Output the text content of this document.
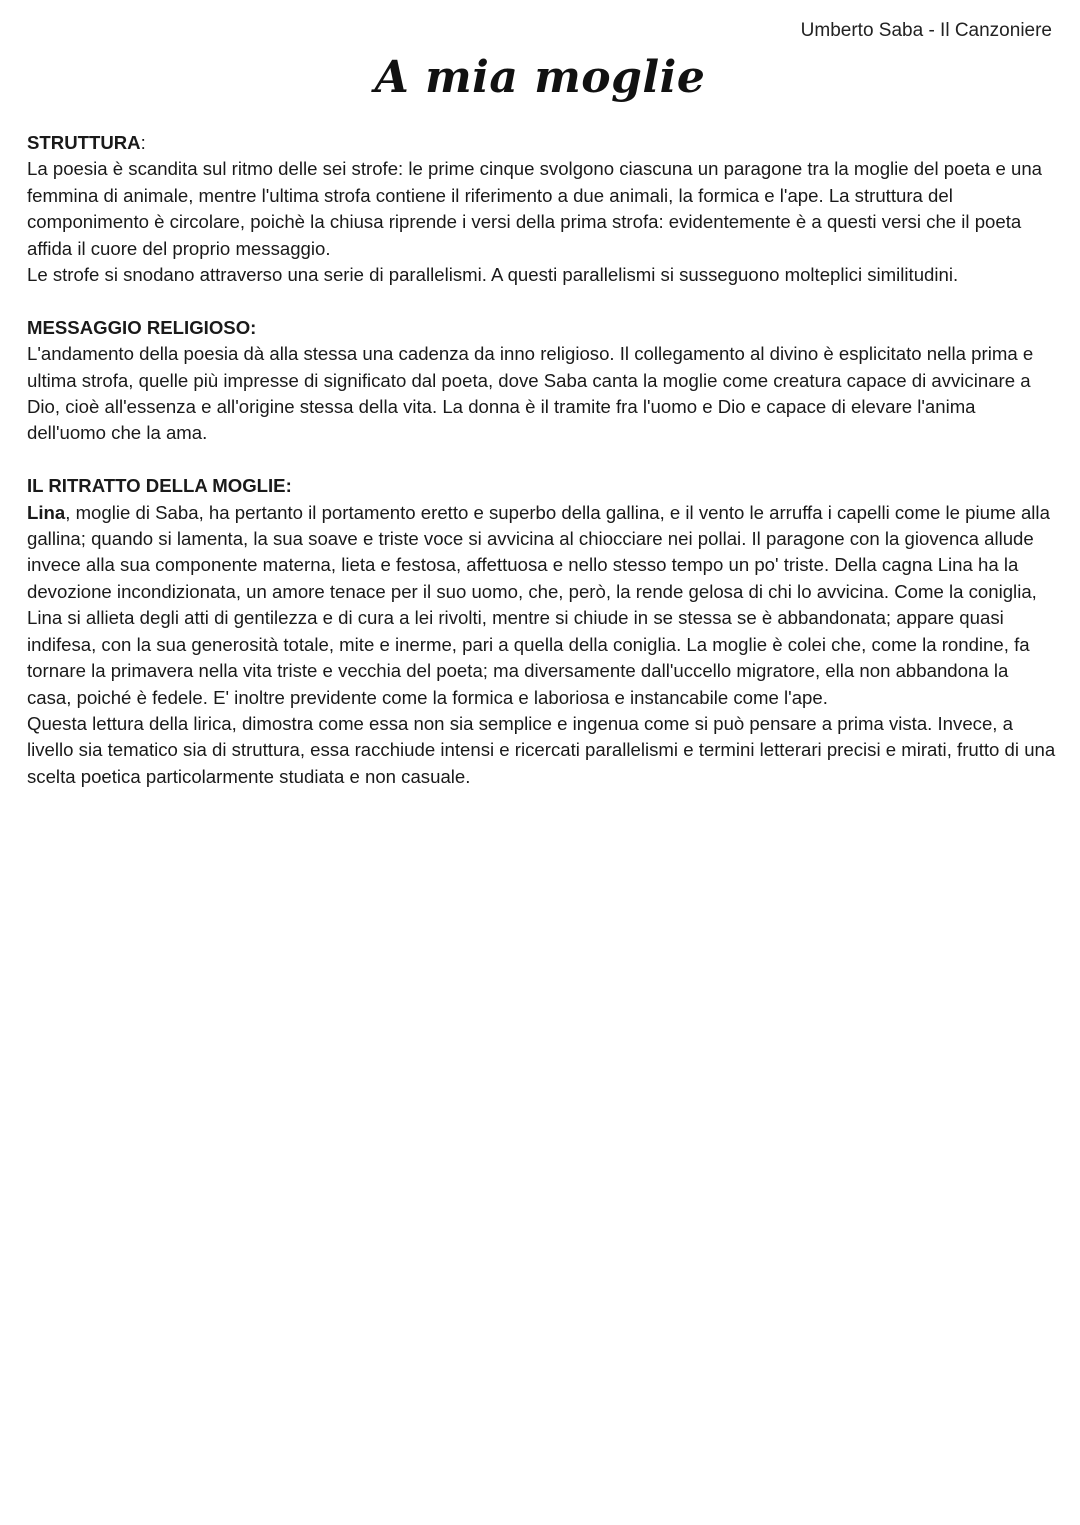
Umberto Saba - Il Canzoniere
A mia moglie

STRUTTURA:

La poesia è scandita sul ritmo delle sei strofe: le prime cinque svolgono ciascuna un paragone tra la moglie del poeta e una femmina di animale, mentre l'ultima strofa contiene il riferimento a due animali, la formica e l'ape. La struttura del componimento è circolare, poichè la chiusa riprende i versi della prima strofa: evidentemente è a questi versi che il poeta affida il cuore del proprio messaggio.

Le strofe si snodano attraverso una serie di parallelismi. A questi parallelismi si susseguono molteplici similitudini.

MESSAGGIO RELIGIOSO:

L'andamento della poesia dà alla stessa una cadenza da inno religioso. Il collegamento al divino è esplicitato nella prima e ultima strofa, quelle più impresse di significato dal poeta, dove Saba canta la moglie come creatura capace di avvicinare a Dio, cioè all'essenza e all'origine stessa della vita. La donna è il tramite fra l'uomo e Dio e capace di elevare l'anima dell'uomo che la ama.

IL RITRATTO DELLA MOGLIE:

Lina, moglie di Saba, ha pertanto il portamento eretto e superbo della gallina, e il vento le arruffa i capelli come le piume alla gallina; quando si lamenta, la sua soave e triste voce si avvicina al chiocciare nei pollai. Il paragone con la giovenca allude invece alla sua componente materna, lieta e festosa, affettuosa e nello stesso tempo un po' triste. Della cagna Lina ha la devozione incondizionata, un amore tenace per il suo uomo, che, però, la rende gelosa di chi lo avvicina. Come la coniglia, Lina si allieta degli atti di gentilezza e di cura a lei rivolti, mentre si chiude in se stessa se è abbandonata; appare quasi indifesa, con la sua generosità totale, mite e inerme, pari a quella della coniglia. La moglie è colei che, come la rondine, fa tornare la primavera nella vita triste e vecchia del poeta; ma diversamente dall'uccello migratore, ella non abbandona la casa, poiché è fedele. E' inoltre previdente come la formica e laboriosa e instancabile come l'ape.

Questa lettura della lirica, dimostra come essa non sia semplice e ingenua come si può pensare a prima vista. Invece, a livello sia tematico sia di struttura, essa racchiude intensi e ricercati parallelismi e termini letterari precisi e mirati, frutto di una scelta poetica particolarmente studiata e non casuale.
